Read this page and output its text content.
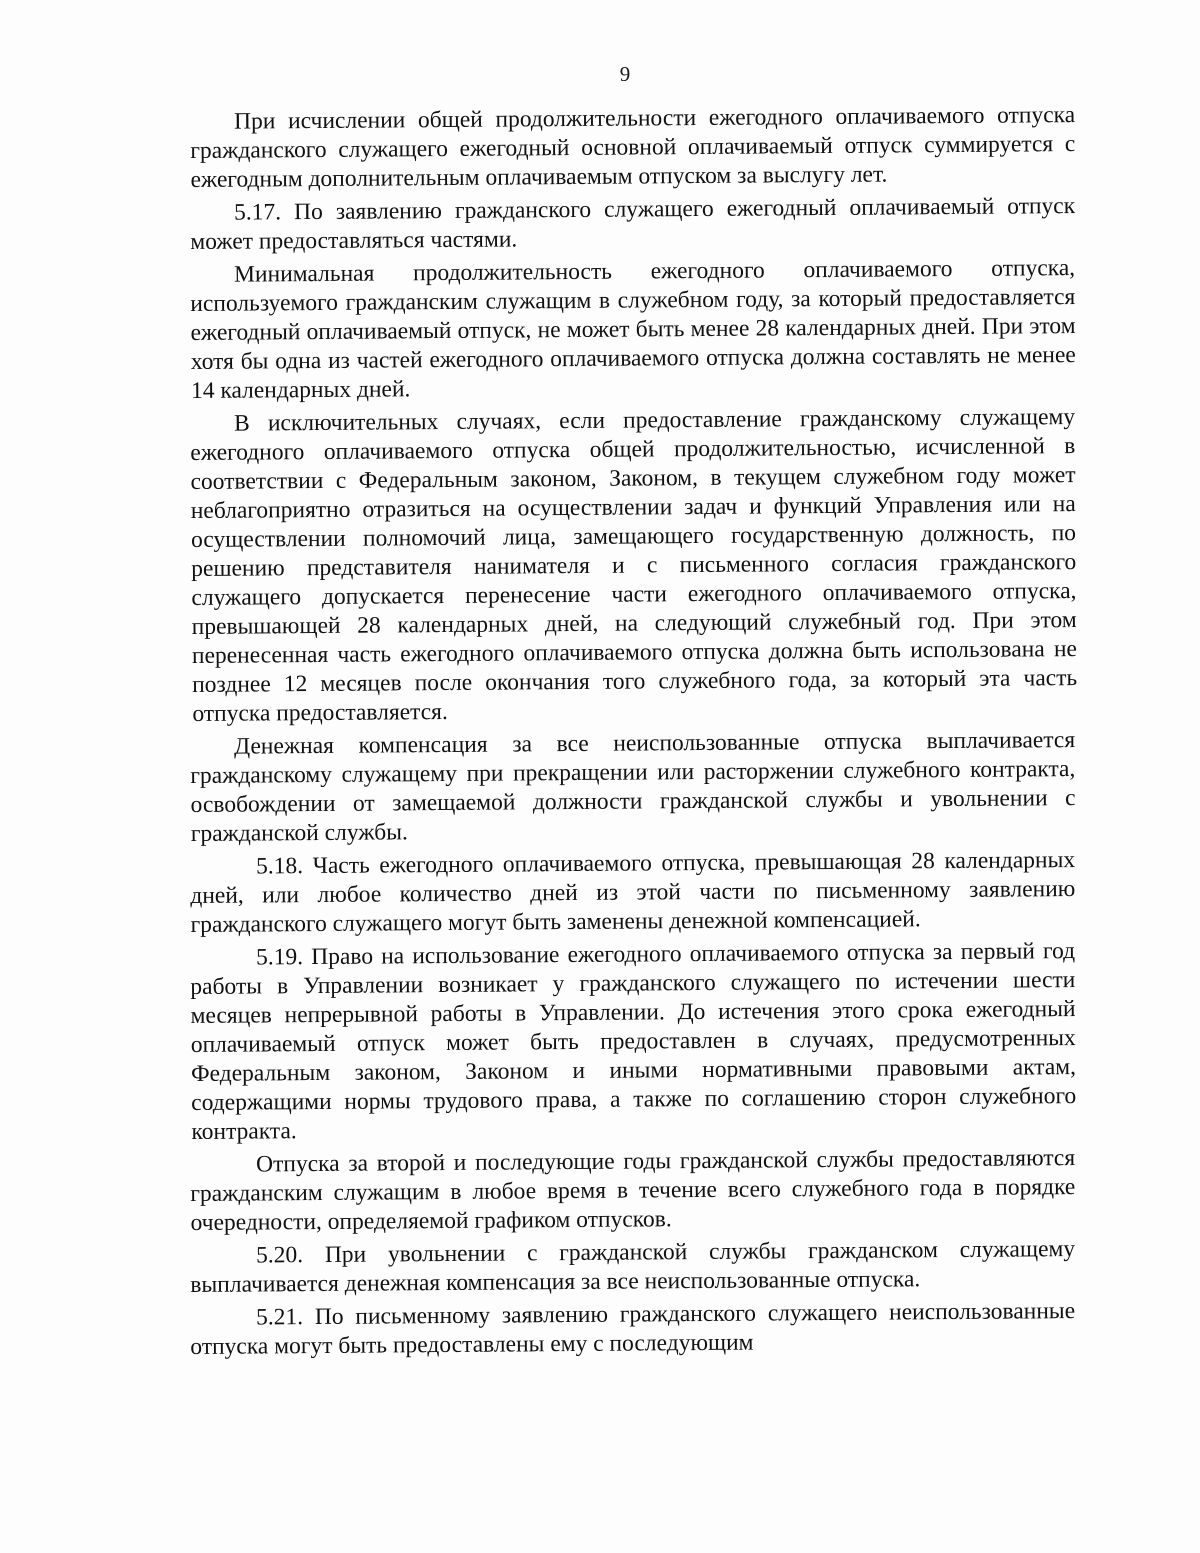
9

При исчислении общей продолжительности ежегодного оплачиваемого отпуска гражданского служащего ежегодный основной оплачиваемый отпуск суммируется с ежегодным дополнительным оплачиваемым отпуском за выслугу лет.

5.17. По заявлению гражданского служащего ежегодный оплачиваемый отпуск может предоставляться частями.

Минимальная продолжительность ежегодного оплачиваемого отпуска, используемого гражданским служащим в служебном году, за который предоставляется ежегодный оплачиваемый отпуск, не может быть менее 28 календарных дней. При этом хотя бы одна из частей ежегодного оплачиваемого отпуска должна составлять не менее 14 календарных дней.

В исключительных случаях, если предоставление гражданскому служащему ежегодного оплачиваемого отпуска общей продолжительностью, исчисленной в соответствии с Федеральным законом, Законом, в текущем служебном году может неблагоприятно отразиться на осуществлении задач и функций Управления или на осуществлении полномочий лица, замещающего государственную должность, по решению представителя нанимателя и с письменного согласия гражданского служащего допускается перенесение части ежегодного оплачиваемого отпуска, превышающей 28 календарных дней, на следующий служебный год. При этом перенесенная часть ежегодного оплачиваемого отпуска должна быть использована не позднее 12 месяцев после окончания того служебного года, за который эта часть отпуска предоставляется.

Денежная компенсация за все неиспользованные отпуска выплачивается гражданскому служащему при прекращении или расторжении служебного контракта, освобождении от замещаемой должности гражданской службы и увольнении с гражданской службы.

5.18. Часть ежегодного оплачиваемого отпуска, превышающая 28 календарных дней, или любое количество дней из этой части по письменному заявлению гражданского служащего могут быть заменены денежной компенсацией.

5.19. Право на использование ежегодного оплачиваемого отпуска за первый год работы в Управлении возникает у гражданского служащего по истечении шести месяцев непрерывной работы в Управлении. До истечения этого срока ежегодный оплачиваемый отпуск может быть предоставлен в случаях, предусмотренных Федеральным законом, Законом и иными нормативными правовыми актам, содержащими нормы трудового права, а также по соглашению сторон служебного контракта.

Отпуска за второй и последующие годы гражданской службы предоставляются гражданским служащим в любое время в течение всего служебного года в порядке очередности, определяемой графиком отпусков.

5.20. При увольнении с гражданской службы гражданском служащему выплачивается денежная компенсация за все неиспользованные отпуска.

5.21. По письменному заявлению гражданского служащего неиспользованные отпуска могут быть предоставлены ему с последующим
